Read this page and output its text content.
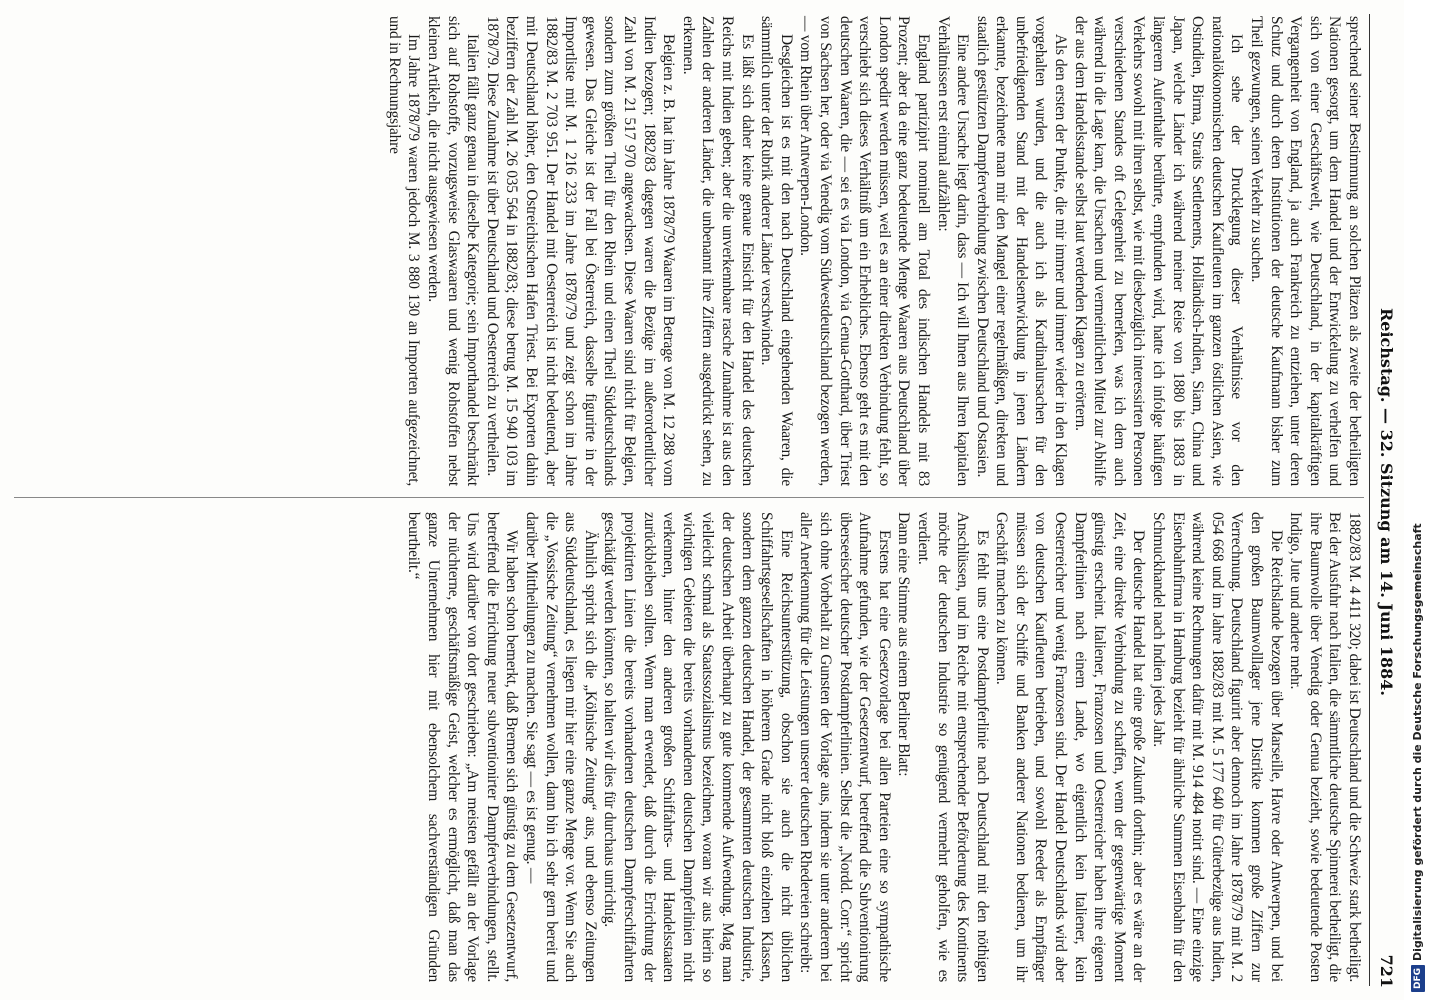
Reichstag. — 32. Sitzung am 14. Juni 1884.
721

sprechend seiner Bestimmung an solchen Plätzen als zweite der betheiligten Nationen gesorgt, um dem Handel und der Entwickelung zu verhelfen und sich von einer Geschäftswelt, wie Deutschland, in der kapitalkräftigen Vergangenheit von England, ja auch Frankreich zu entziehen, unter deren Schutz und durch deren Institutionen der deutsche Kaufmann bisher zum Theil gezwungen, seinen Verkehr zu suchen.

Ich sehe der Drucklegung dieser Verhältnisse vor den nationalökonomischen deutschen Kaufleuten im ganzen östlichen Asien, wie Ostindien, Birma, Straits Settlements, Holländisch-Indien, Siam, China und Japan, welche Länder ich während meiner Reise von 1880 bis 1883 in längerem Aufenthalte berührte, empfunden wird, hatte ich infolge häufigen Verkehrs sowohl mit ihren selbst, wie mit diesbezüglich interessirten Personen verschiedenen Standes oft Gelegenheit zu bemerken, was ich dem auch während in die Lage kam, die Ursachen und vermeintlichen Mittel zur Abhilfe der aus dem Handelsstande selbst laut werdenden Klagen zu erörtern.

Als den ersten der Punkte, die mir immer und immer wieder in den Klagen vorgehalten wurden, und die auch ich als Kardinalursachen für den unbefriedigenden Stand mit der Handelsentwicklung in jenen Ländern erkannte, bezeichnete man mir den Mangel einer regelmäßigen, direkten und staatlich gestützten Dampferverbindung zwischen Deutschland und Ostasien.

Eine andere Ursache liegt darin, dass — Ich will Ihnen aus Ihren kapitalen Verhältnissen erst einmal aufzählen:

England partizipirt nominell am Total des indischen Handels mit 83 Prozent; aber da eine ganz bedeutende Menge Waaren aus Deutschland über London spedirt werden müssen, weil es an einer direkten Verbindung fehlt, so verschiebt sich dieses Verhältniß um ein Erhebliches. Ebenso geht es mit den deutschen Waaren, die — sei es via London, via Genua-Gotthard, über Triest von Sachsen her, oder via Venedig vom Südwestdeutschland bezogen werden, — vom Rhein über Antwerpen-London.

Desgleichen ist es mit den nach Deutschland eingehenden Waaren, die sämmtlich unter der Rubrik anderer Länder verschwinden.

Es läßt sich daher keine genaue Einsicht für den Handel des deutschen Reichs mit Indien geben; aber die unverkennbare rasche Zunahme ist aus den Zahlen der anderen Länder, die unbenannt ihre Ziffern ausgedrückt sehen, zu erkennen.

Belgien z. B. hat im Jahre 1878/79 Waaren im Betrage von M. 12 288 vom Indien bezogen; 1882/83 dagegen waren die Bezüge im außerordentlicher Zahl von M. 21 517 970 angewachsen. Diese Waaren sind nicht für Belgien, sondern zum größten Theil für den Rhein und einen Theil Süddeutschlands gewesen. Das Gleiche ist der Fall bei Österreich, dasselbe figurirte in der Importliste mit M. 1 216 233 im Jahre 1878/79 und zeigt schon im Jahre 1882/83 M. 2 703 951. Der Handel mit Oesterreich ist nicht bedeutend, aber mit Deutschland höher, den Ostreichischen Hafen Triest. Bei Exporten dahin beziffern der Zahl M. 26 035 564 in 1882/83; diese betrug M. 15 940 103 im 1878/79. Diese Zunahme ist über Deutschland und Oesterreich zu vertheilen.

Italien fällt ganz genau in dieselbe Kategorie; sein Importhandel beschränkt sich auf Rohstoffe, vorzugsweise Glaswaaren und wenig Rohstoffen nebst kleinen Artikeln, die nicht ausgewiesen werden.

Im Jahre 1878/79 waren jedoch M. 3 880 130 an Importen aufgezeichnet, und in Rechnungsjahre

1882/83 M. 4 411 320; dabei ist Deutschland und die Schweiz stark betheiligt. Bei der Ausfuhr nach Italien, die sämmtliche deutsche Spinnerei betheiligt, die ihre Baumwolle über Venedig oder Genua bezieht, sowie bedeutende Posten Indigo, Jute und andere mehr.

Die Reichslande bezogen über Marseille, Havre oder Antwerpen, und bei den großen Baumwolllager jene Distrikte kommen große Ziffern zur Verrechnung. Deutschland figurirt aber dennoch im Jahre 1878/79 mit M. 2 054 668 und im Jahre 1882/83 mit M. 5 177 640 für Güterbezüge aus Indien, während keine Rechnungen dafür mit M. 914 484 notirt sind. — Eine einzige Eisenbahnfirma in Hamburg bezieht für ähnliche Summen Eisenbahn für den Schmuckhandel nach Indien jedes Jahr.

Der deutsche Handel hat eine große Zukunft dorthin; aber es wäre an der Zeit, eine direkte Verbindung zu schaffen, wenn der gegenwärtige Moment günstig erscheint. Italiener, Franzosen und Oesterreicher haben ihre eigenen Dampferlinien nach einem Lande, wo eigentlich kein Italiener, kein Oesterreicher und wenig Franzosen sind. Der Handel Deutschlands wird aber von deutschen Kaufleuten betrieben, und sowohl Reeder als Empfänger müssen sich der Schiffe und Banken anderer Nationen bedienen, um ihr Geschäft machen zu können.

Es fehlt uns eine Postdampferlinie nach Deutschland mit den nöthigen Anschlüssen, und im Reiche mit entsprechender Beförderung des Kontinents möchte der deutschen Industrie so genügend vermehrt geholfen, wie es verdient.

Dann eine Stimme aus einem Berliner Blatt:

Erstens hat eine Gesetzvorlage bei allen Parteien eine so sympathische Aufnahme gefunden, wie der Gesetzentwurf, betreffend die Subventionirung überseeischer deutscher Postdampferlinien. Selbst die „Nordd. Corr.“ spricht sich ohne Vorbehalt zu Gunsten der Vorlage aus, indem sie unter anderem bei aller Anerkennung für die Leistungen unserer deutschen Rhedereien schreibt:

Eine Reichsunterstützung, obschon sie auch die nicht üblichen Schiffahrtsgesellschaften in höherem Grade nicht bloß einzelnen Klassen, sondern dem ganzen deutschen Handel, der gesammten deutschen Industrie, der deutschen Arbeit überhaupt zu gute kommende Aufwendung. Mag man vielleicht schmal als Staatssozialismus bezeichnen, woran wir aus hierin so wichtigen Gebieten die bereits vorhandenen deutschen Dampferlinien nicht verkennen, hinter den anderen großen Schiffahrts- und Handelsstaaten zurückbleiben sollten. Wenn man erwendet, daß durch die Errichtung der projektirten Linien die bereits vorhandenen deutschen Dampferschiffahrten geschädigt werden könnten, so halten wir dies für durchaus unrichtig.

Ähnlich spricht sich die „Kölnische Zeitung“ aus, und ebenso Zeitungen aus Süddeutschland, es liegen mir hier eine ganze Menge vor. Wenn Sie auch die „Vossische Zeitung“ vernehmen wollen, dann bin ich sehr gern bereit und darüber Mittheilungen zu machen. Sie sagt — es ist genug. —

Wir haben schon bemerkt, daß Bremen sich günstig zu dem Gesetzentwurf, betreffend die Errichtung neuer subventionirter Dampferverbindungen, stellt. Uns wird darüber von dort geschrieben: „Am meisten gefällt an der Vorlage der nüchterne, geschäftsmäßige Geist, welcher es ermöglicht, daß man das ganze Unternehmen hier mit ebensolchem sachverständigen Gründen beurtheilt.“

DFGDigitalisierung gefördert durch die Deutsche Forschungsgemeinschaft
